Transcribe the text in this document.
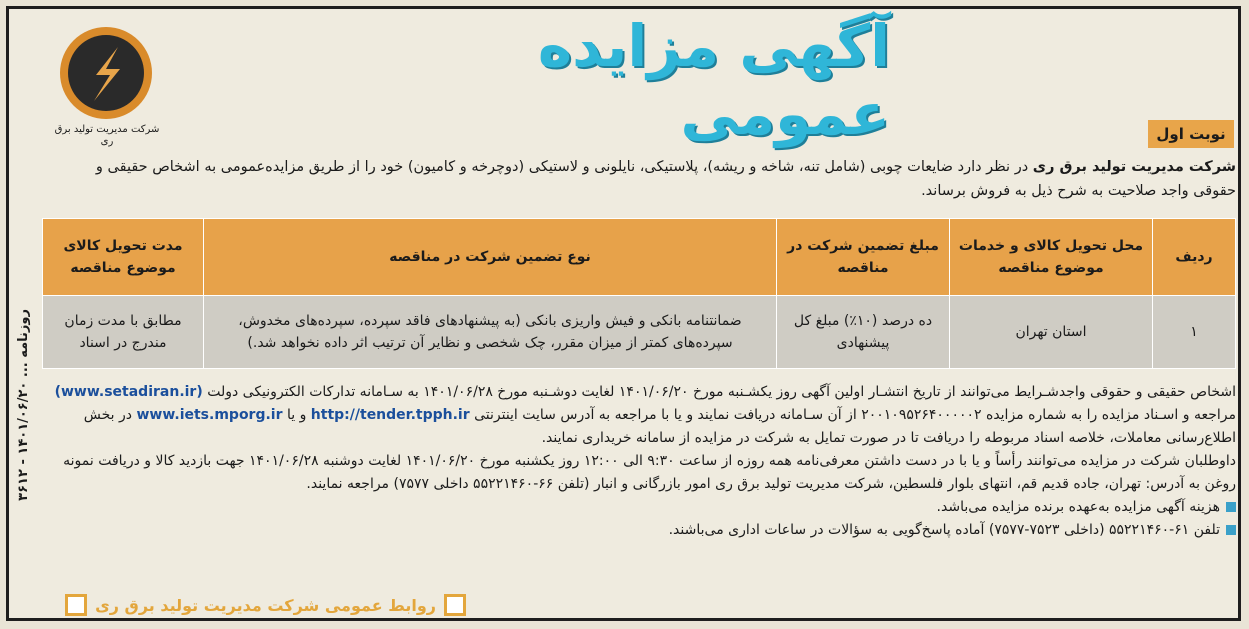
روزنامه ... ۱۴۰۱/۰۶/۲۰ - ۳۶۱۲
شرکت مدیریت تولید برق ری
آگهی مزایده عمومی	نوبت اول
شرکت مدیریت تولید برق ری در نظر دارد ضایعات چوبی (شامل تنه، شاخه و ریشه)، پلاستیکی، نایلونی و لاستیکی (دوچرخه و کامیون) خود را از طریق مزایده‌عمومی به اشخاص حقیقی و حقوقی واجد صلاحیت به شرح ذیل به فروش برساند.
ردیف	محل تحویل کالای و خدمات موضوع مناقصه	مبلغ تضمین شرکت در مناقصه	نوع تضمین شرکت در مناقصه	مدت تحویل کالای موضوع مناقصه
۱	استان تهران	ده درصد (۱۰٪) مبلغ کل پیشنهادی	ضمانتنامه بانکی و فیش واریزی بانکی (به پیشنهادهای فاقد سپرده، سپرده‌های مخدوش، سپرده‌های کمتر از میزان مقرر، چک شخصی و نظایر آن ترتیب اثر داده نخواهد شد.)	مطابق با مدت زمان مندرج در اسناد
اشخاص حقیقی و حقوقی واجدشـرایط می‌توانند از تاریخ انتشـار اولین آگهی روز یکشـنبه مورخ ۱۴۰۱/۰۶/۲۰ لغایت دوشـنبه مورخ ۱۴۰۱/۰۶/۲۸ به سـامانه تدارکات الکترونیکی دولت (www.setadiran.ir) مراجعه و اسـناد مزایده را به شماره مزایده ۲۰۰۱۰۹۵۲۶۴۰۰۰۰۰۲ از آن سـامانه دریافت نمایند و یا با مراجعه به آدرس سایت اینترنتی http://tender.tpph.ir و یا www.iets.mporg.ir در بخش اطلاع‌رسانی معاملات، خلاصه اسناد مربوطه را دریافت تا در صورت تمایل به شرکت در مزایده از سامانه خریداری نمایند.
داوطلبان شرکت در مزایده می‌توانند رأساً و یا با در دست داشتن معرفی‌نامه همه روزه از ساعت ۹:۳۰ الی ۱۲:۰۰ روز یکشنبه مورخ ۱۴۰۱/۰۶/۲۰ لغایت دوشنبه ۱۴۰۱/۰۶/۲۸ جهت بازدید کالا و دریافت نمونه روغن به آدرس: تهران، جاده قدیم قم، انتهای بلوار فلسطین، شرکت مدیریت تولید برق ری امور بازرگانی و انبار (تلفن ۶۶-۵۵۲۲۱۴۶۰ داخلی ۷۵۷۷) مراجعه نمایند.
هزینه آگهی مزایده به‌عهده برنده مزایده می‌باشد.
تلفن ۶۱-۵۵۲۲۱۴۶۰ (داخلی ۷۵۲۳-۷۵۷۷) آماده پاسخ‌گویی به سؤالات در ساعات اداری می‌باشند.
روابط عمومی شرکت مدیریت تولید برق ری
